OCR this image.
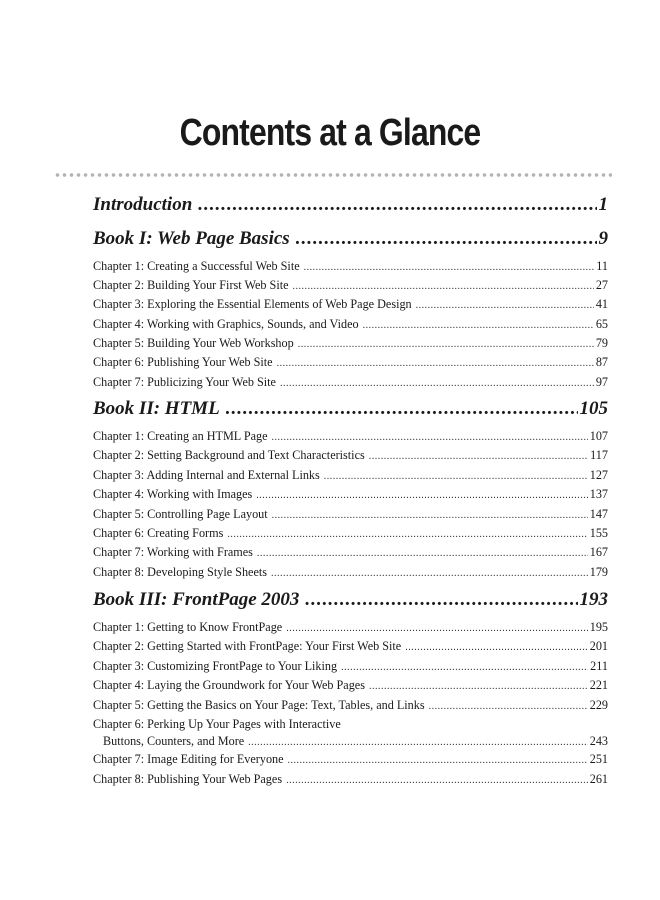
Contents at a Glance
Introduction .....	1
Book I: Web Page Basics .....	9
Chapter 1: Creating a Successful Web Site .....	11
Chapter 2: Building Your First Web Site .....	27
Chapter 3: Exploring the Essential Elements of Web Page Design .....	41
Chapter 4: Working with Graphics, Sounds, and Video .....	65
Chapter 5: Building Your Web Workshop .....	79
Chapter 6: Publishing Your Web Site .....	87
Chapter 7: Publicizing Your Web Site .....	97
Book II: HTML .....	105
Chapter 1: Creating an HTML Page .....	107
Chapter 2: Setting Background and Text Characteristics .....	117
Chapter 3: Adding Internal and External Links .....	127
Chapter 4: Working with Images .....	137
Chapter 5: Controlling Page Layout .....	147
Chapter 6: Creating Forms .....	155
Chapter 7: Working with Frames .....	167
Chapter 8: Developing Style Sheets .....	179
Book III: FrontPage 2003 .....	193
Chapter 1: Getting to Know FrontPage .....	195
Chapter 2: Getting Started with FrontPage: Your First Web Site .....	201
Chapter 3: Customizing FrontPage to Your Liking .....	211
Chapter 4: Laying the Groundwork for Your Web Pages .....	221
Chapter 5: Getting the Basics on Your Page: Text, Tables, and Links .....	229
Chapter 6: Perking Up Your Pages with Interactive
Buttons, Counters, and More .....	243
Chapter 7: Image Editing for Everyone .....	251
Chapter 8: Publishing Your Web Pages .....	261
